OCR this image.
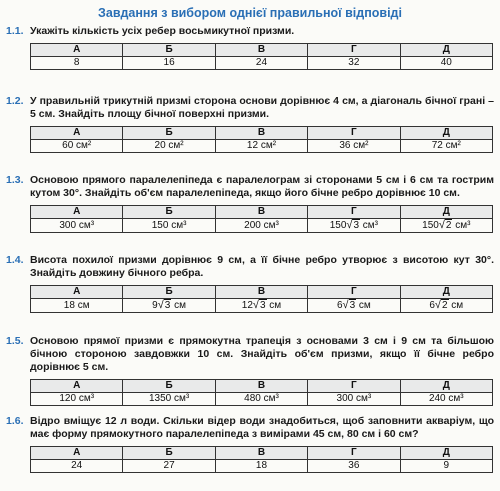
Завдання з вибором однієї правильної відповіді
1.1. Укажіть кількість усіх ребер восьмикутної призми.
А	Б	В	Г	Д
8	16	24	32	40
1.2. У правильній трикутній призмі сторона основи дорівнює 4 см, а діагональ бічної грані – 5 см. Знайдіть площу бічної поверхні призми.
А	Б	В	Г	Д
60 см²	20 см²	12 см²	36 см²	72 см²
1.3. Основою прямого паралелепіпеда є паралелограм зі сторонами 5 см і 6 см та гострим кутом 30°. Знайдіть об'єм паралелепіпеда, якщо його бічне ребро дорівнює 10 см.
А	Б	В	Г	Д
300 см³	150 см³	200 см³	150√3 см³	150√2 см³
1.4. Висота похилої призми дорівнює 9 см, а її бічне ребро утворює з висотою кут 30°. Знайдіть довжину бічного ребра.
А	Б	В	Г	Д
18 см	9√3 см	12√3 см	6√3 см	6√2 см
1.5. Основою прямої призми є прямокутна трапеція з основами 3 см і 9 см та більшою бічною стороною завдовжки 10 см. Знайдіть об'єм призми, якщо її бічне ребро дорівнює 5 см.
А	Б	В	Г	Д
120 см³	1350 см³	480 см³	300 см³	240 см³
1.6. Відро вміщує 12 л води. Скільки відер води знадобиться, щоб заповнити акваріум, що має форму прямокутного паралелепіпеда з вимірами 45 см, 80 см і 60 см?
А	Б	В	Г	Д
24	27	18	36	9
